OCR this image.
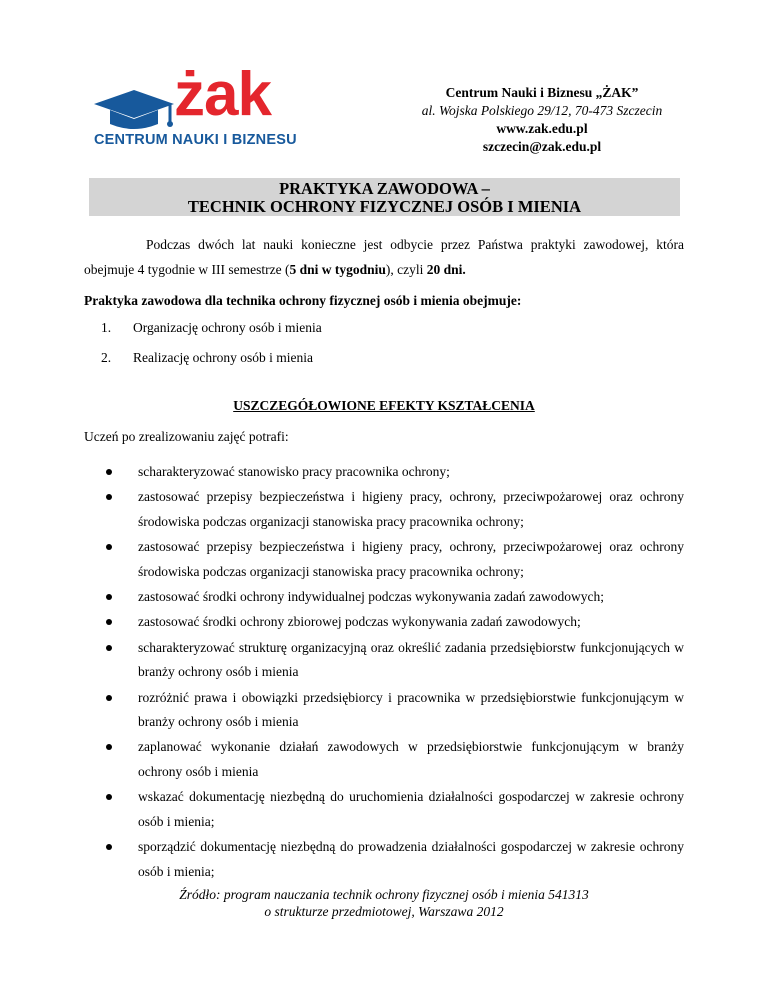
żak
CENTRUM NAUKI I BIZNESU
Centrum Nauki i Biznesu „ŻAK”
al. Wojska Polskiego 29/12, 70-473 Szczecin
www.zak.edu.pl
szczecin@zak.edu.pl
PRAKTYKA ZAWODOWA –
TECHNIK OCHRONY FIZYCZNEJ OSÓB I MIENIA

Podczas dwóch lat nauki konieczne jest odbycie przez Państwa praktyki zawodowej, która obejmuje 4 tygodnie w III semestrze (5 dni w tygodniu), czyli 20 dni.

Praktyka zawodowa dla technika ochrony fizycznej osób i mienia obejmuje:
1. Organizację ochrony osób i mienia
2. Realizację ochrony osób i mienia
USZCZEGÓŁOWIONE EFEKTY KSZTAŁCENIA
Uczeń po zrealizowaniu zajęć potrafi:
scharakteryzować stanowisko pracy pracownika ochrony;
zastosować przepisy bezpieczeństwa i higieny pracy, ochrony, przeciwpożarowej oraz ochrony środowiska podczas organizacji stanowiska pracy pracownika ochrony;
zastosować przepisy bezpieczeństwa i higieny pracy, ochrony, przeciwpożarowej oraz ochrony środowiska podczas organizacji stanowiska pracy pracownika ochrony;
zastosować środki ochrony indywidualnej podczas wykonywania zadań zawodowych;
zastosować środki ochrony zbiorowej podczas wykonywania zadań zawodowych;
scharakteryzować strukturę organizacyjną oraz określić zadania przedsiębiorstw funkcjonujących w branży ochrony osób i mienia
rozróżnić prawa i obowiązki przedsiębiorcy i pracownika w przedsiębiorstwie funkcjonującym w branży ochrony osób i mienia
zaplanować wykonanie działań zawodowych w przedsiębiorstwie funkcjonującym w branży ochrony osób i mienia
wskazać dokumentację niezbędną do uruchomienia działalności gospodarczej w zakresie ochrony osób i mienia;
sporządzić dokumentację niezbędną do prowadzenia działalności gospodarczej w zakresie ochrony osób i mienia;
Źródło: program nauczania technik ochrony fizycznej osób i mienia 541313
o strukturze przedmiotowej, Warszawa 2012
